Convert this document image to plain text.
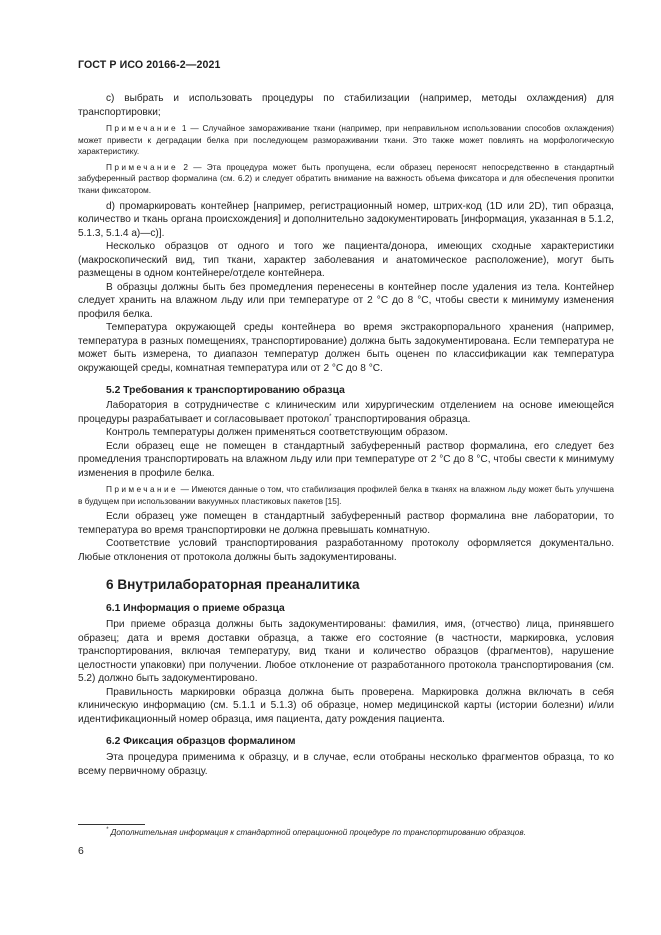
ГОСТ Р ИСО 20166-2—2021

с) выбрать и использовать процедуры по стабилизации (например, методы охлаждения) для транспортировки;

Примечание 1 — Случайное замораживание ткани (например, при неправильном использовании способов охлаждения) может привести к деградации белка при последующем размораживании ткани. Это также может повлиять на морфологическую характеристику.

Примечание 2 — Эта процедура может быть пропущена, если образец переносят непосредственно в стандартный забуференный раствор формалина (см. 6.2) и следует обратить внимание на важность объема фиксатора и для обеспечения пропитки ткани фиксатором.

d) промаркировать контейнер [например, регистрационный номер, штрих-код (1D или 2D), тип образца, количество и ткань органа происхождения] и дополнительно задокументировать [информация, указанная в 5.1.2, 5.1.3, 5.1.4 а)—с)].

Несколько образцов от одного и того же пациента/донора, имеющих сходные характеристики (макроскопический вид, тип ткани, характер заболевания и анатомическое расположение), могут быть размещены в одном контейнере/отделе контейнера.

В образцы должны быть без промедления перенесены в контейнер после удаления из тела. Контейнер следует хранить на влажном льду или при температуре от 2 °C до 8 °C, чтобы свести к минимуму изменения профиля белка.

Температура окружающей среды контейнера во время экстракорпорального хранения (например, температура в разных помещениях, транспортирование) должна быть задокументирована. Если температура не может быть измерена, то диапазон температур должен быть оценен по классификации как температура окружающей среды, комнатная температура или от 2 °C до 8 °C.

5.2 Требования к транспортированию образца

Лаборатория в сотрудничестве с клиническим или хирургическим отделением на основе имеющейся процедуры разрабатывает и согласовывает протокол* транспортирования образца.

Контроль температуры должен применяться соответствующим образом.

Если образец еще не помещен в стандартный забуференный раствор формалина, его следует без промедления транспортировать на влажном льду или при температуре от 2 °C до 8 °C, чтобы свести к минимуму изменения в профиле белка.

Примечание — Имеются данные о том, что стабилизация профилей белка в тканях на влажном льду может быть улучшена в будущем при использовании вакуумных пластиковых пакетов [15].

Если образец уже помещен в стандартный забуференный раствор формалина вне лаборатории, то температура во время транспортировки не должна превышать комнатную.

Соответствие условий транспортирования разработанному протоколу оформляется документально. Любые отклонения от протокола должны быть задокументированы.

6 Внутрилабораторная преаналитика
6.1 Информация о приеме образца

При приеме образца должны быть задокументированы: фамилия, имя, (отчество) лица, принявшего образец; дата и время доставки образца, а также его состояние (в частности, маркировка, условия транспортирования, включая температуру, вид ткани и количество образцов (фрагментов), нарушение целостности упаковки) при получении. Любое отклонение от разработанного протокола транспортирования (см. 5.2) должно быть задокументировано.

Правильность маркировки образца должна быть проверена. Маркировка должна включать в себя клиническую информацию (см. 5.1.1 и 5.1.3) об образце, номер медицинской карты (истории болезни) и/или идентификационный номер образца, имя пациента, дату рождения пациента.

6.2 Фиксация образцов формалином

Эта процедура применима к образцу, и в случае, если отобраны несколько фрагментов образца, то ко всему первичному образцу.

* Дополнительная информация к стандартной операционной процедуре по транспортированию образцов.
6
